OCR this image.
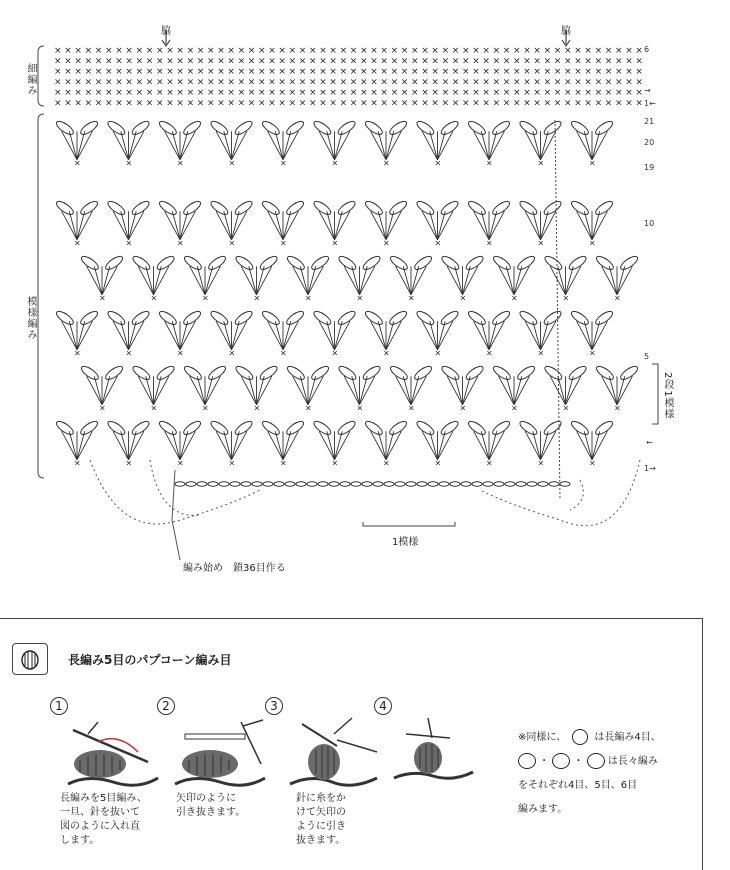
× × × × × × × × × × × × × × × × × × × × × × × × × × × × × × × × × × × × × × × × × × × × × × × × × × × × × × × × × ×
× × × × × × × × × × × × × × × × × × × × × × × × × × × × × × × × × × × × × × × × × × × × × × × × × × × × × × × × × ×
× × × × × × × × × × × × × × × × × × × × × × × × × × × × × × × × × × × × × × × × × × × × × × × × × × × × × × × × × ×
× × × × × × × × × × × × × × × × × × × × × × × × × × × × × × × × × × × × × × × × × × × × × × × × × × × × × × × × × ×
× × × × × × × × × × × × × × × × × × × × × × × × × × × × × × × × × × × × × × × × × × × × × × × × × × × × × × × × × ×
× × × × × × × × × × × × × × × × × × × × × × × × × × × × × × × × × × × × × × × × × × × × × × × × × × × × × × × × × ×
×	×	×	×	×	×	×	×	×	×	×
×	×	×	×	×	×	×	×	×	×	×
×	×	×	×	×	×	×	×	×	×	×
×	×	×	×	×	×	×	×	×	×	×
×	×	×	×	×	×	×	×	×	×	×
×	×	×	×	×	×	×	×	×	×	×
脇	脇
細編み
模様編み
6
→
1←
21
20
19
10
5
←
1→
2段1模様
1模様
編み始め　鎖36目作る
長編み5目のパプコーン編み目
1	2	3	4
長編みを5目編み、
一旦、針を抜いて
図のように入れ直
します。
矢印のように
引き抜きます。
針に糸をか
けて矢印の
ように引き
抜きます。
※同様に、	は長編み4目、
・  ・  は長々編み
をそれぞれ4目、5目、6目
編みます。
